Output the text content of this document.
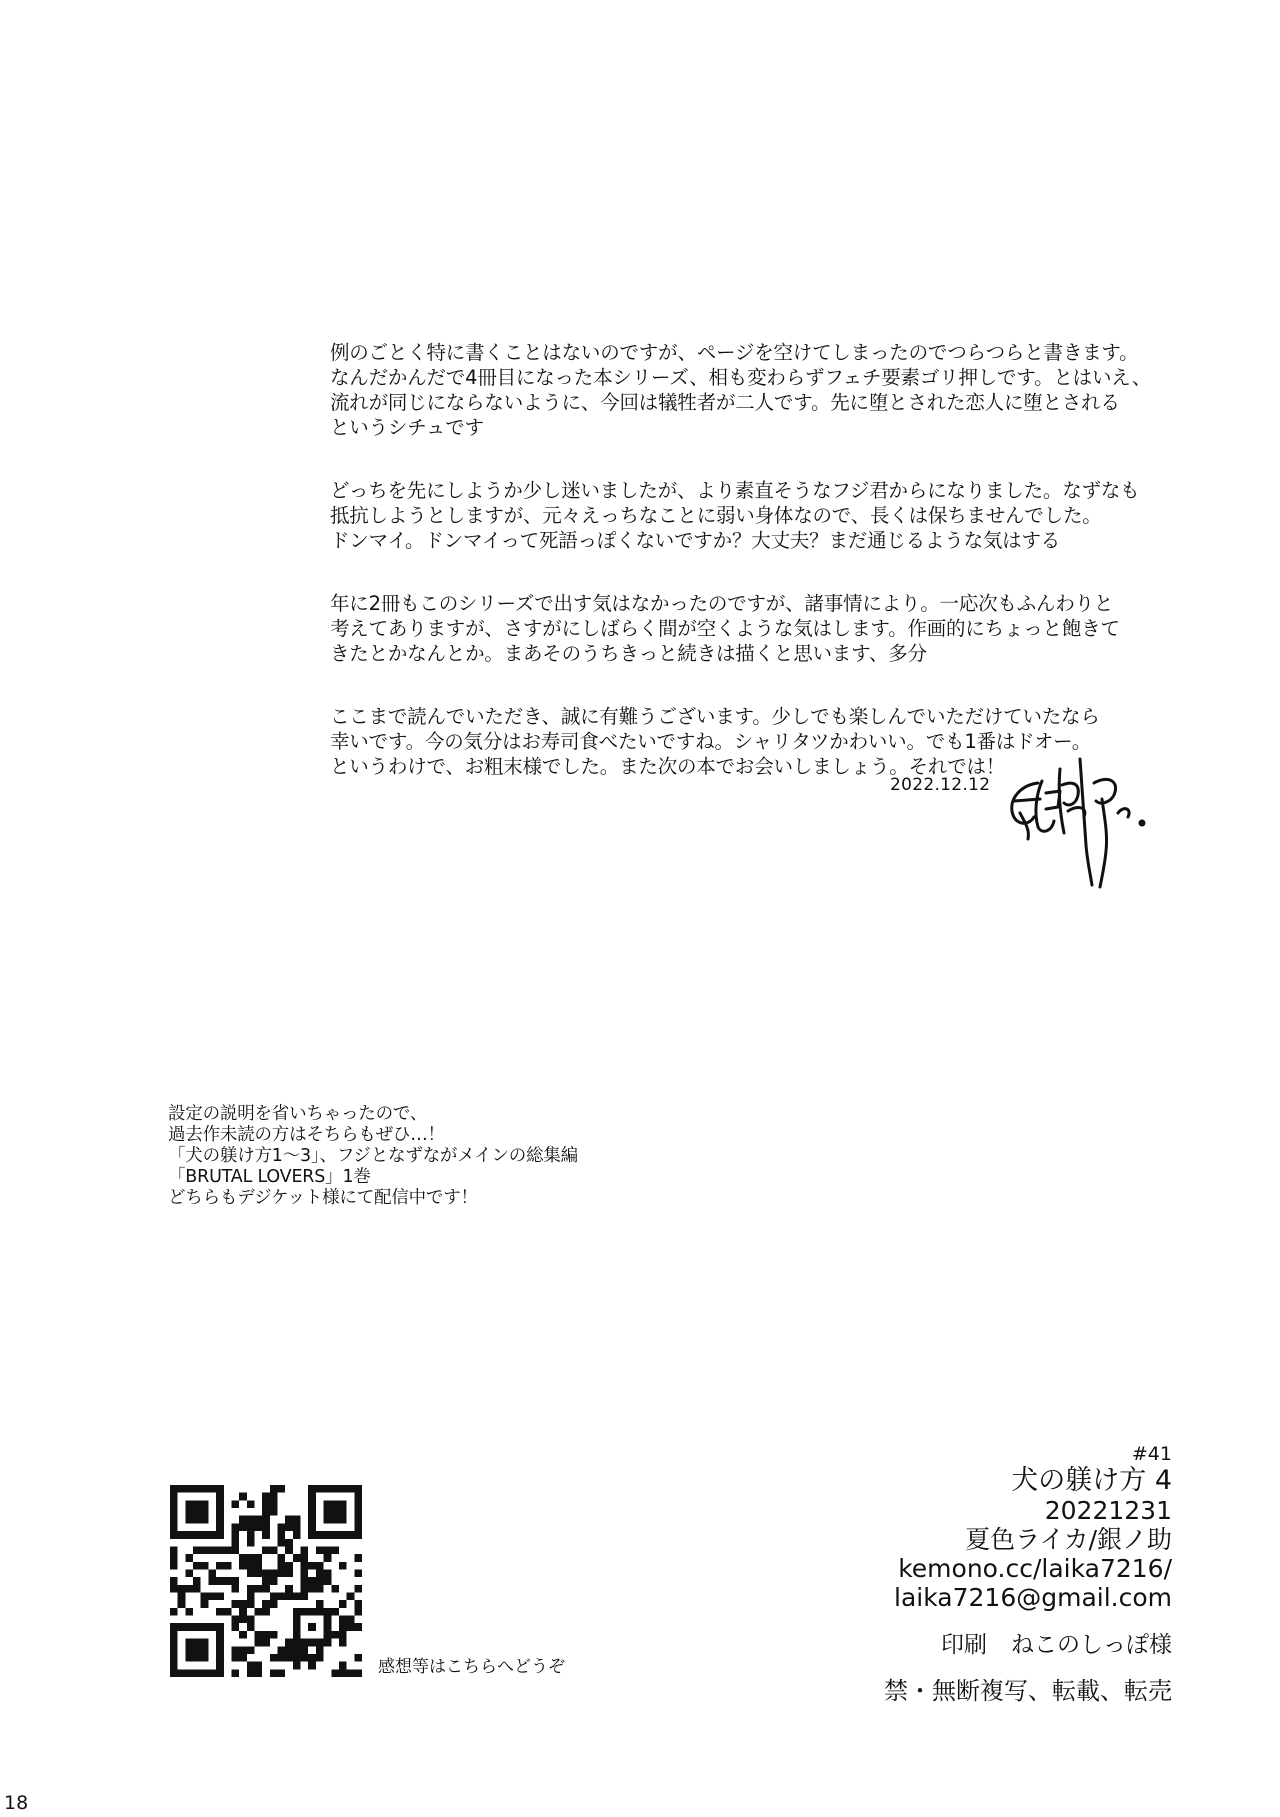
例のごとく特に書くことはないのですが、ページを空けてしまったのでつらつらと書きます。
なんだかんだで4冊目になった本シリーズ、相も変わらずフェチ要素ゴリ押しです。とはいえ、
流れが同じにならないように、今回は犠牲者が二人です。先に堕とされた恋人に堕とされる
というシチュです

どっちを先にしようか少し迷いましたが、より素直そうなフジ君からになりました。なずなも
抵抗しようとしますが、元々えっちなことに弱い身体なので、長くは保ちませんでした。
ドンマイ。ドンマイって死語っぽくないですか？大丈夫？まだ通じるような気はする

年に2冊もこのシリーズで出す気はなかったのですが、諸事情により。一応次もふんわりと
考えてありますが、さすがにしばらく間が空くような気はします。作画的にちょっと飽きて
きたとかなんとか。まあそのうちきっと続きは描くと思います、多分

ここまで読んでいただき、誠に有難うございます。少しでも楽しんでいただけていたなら
幸いです。今の気分はお寿司食べたいですね。シャリタツかわいい。でも1番はドオー。
というわけで、お粗末様でした。また次の本でお会いしましょう。それでは！

2022.12.12
設定の説明を省いちゃったので、
過去作未読の方はそちらもぜひ…！
「犬の躾け方1～3」、フジとなずながメインの総集編
「BRUTAL LOVERS」1巻
どちらもデジケット様にて配信中です！
感想等はこちらへどうぞ
#41
犬の躾け方 4
20221231
夏色ライカ/銀ノ助
kemono.cc/laika7216/
laika7216@gmail.com
印刷 ねこのしっぽ様
禁・無断複写、転載、転売
18
